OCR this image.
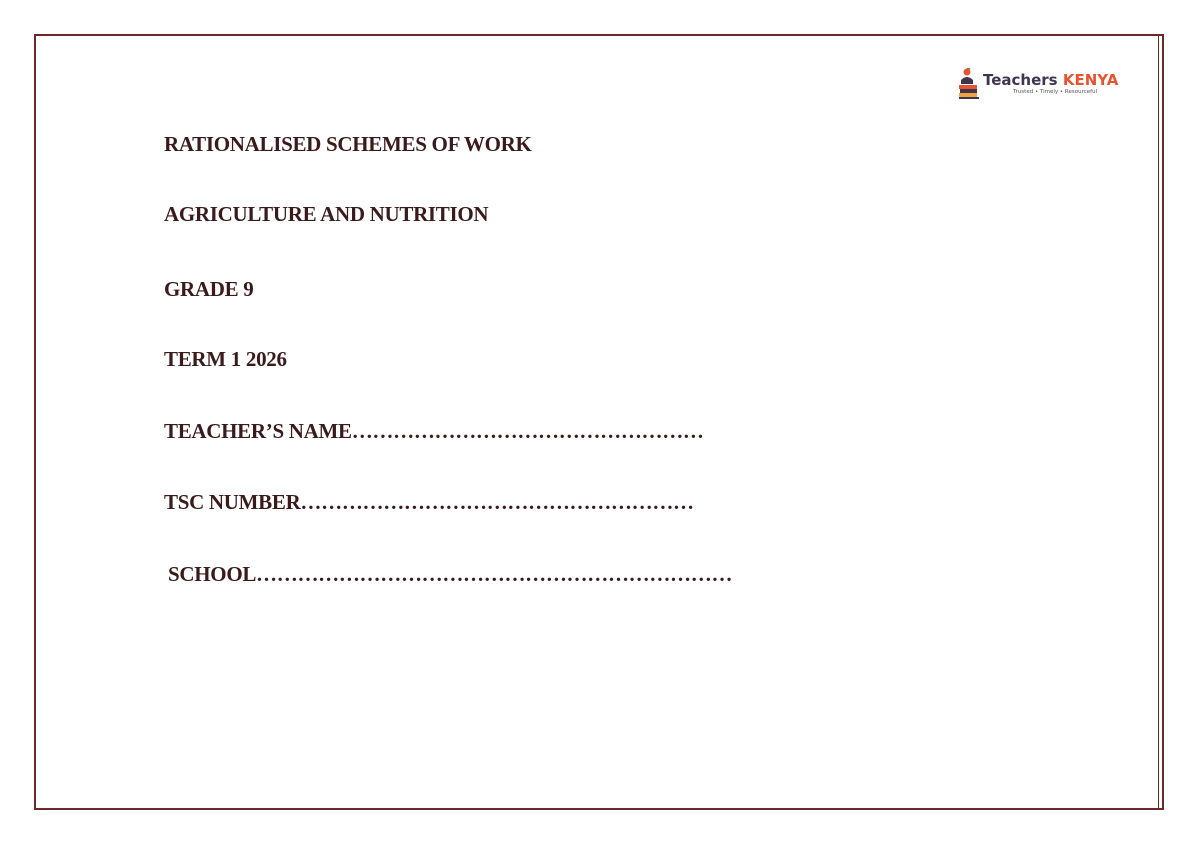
Teachers KENYA
Trusted • Timely • Resourceful
RATIONALISED SCHEMES OF WORK
AGRICULTURE AND NUTRITION
GRADE 9
TERM 1 2026
TEACHER’S NAME……………………………………………
TSC NUMBER…………………………………………………
SCHOOL……………………………………………………………
